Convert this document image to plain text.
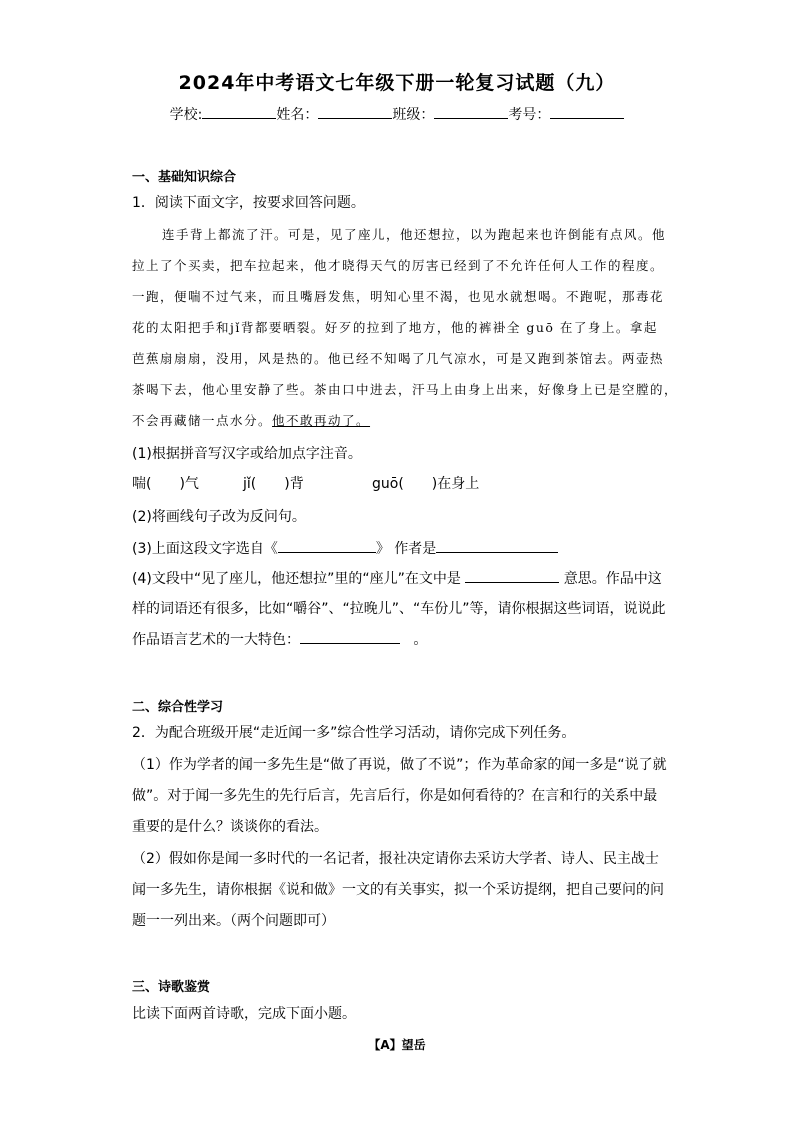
2024年中考语文七年级下册一轮复习试题（九）
学校:	姓名：	班级：	考号：
一、基础知识综合
1．阅读下面文字，按要求回答问题。
连手背上都流了汗。可是，见了座儿，他还想拉，以为跑起来也许倒能有点风。他
拉上了个买卖，把车拉起来，他才晓得天气的厉害已经到了不允许任何人工作的程度。
一跑，便喘不过气来，而且嘴唇发焦，明知心里不渴，也见水就想喝。不跑呢，那毒花
花的太阳把手和jǐ背都要晒裂。好歹的拉到了地方，他的裤褂全 guō 在了身上。拿起
芭蕉扇扇扇，没用，风是热的。他已经不知喝了几气凉水，可是又跑到茶馆去。两壶热
茶喝下去，他心里安静了些。茶由口中进去，汗马上由身上出来，好像身上已是空膛的，
不会再藏储一点水分。他不敢再动了。
(1)根据拼音写汉字或给加点字注音。
喘(　　)气	jǐ(　　)背	guō(　　)在身上
(2)将画线句子改为反问句。
(3)上面这段文字选自《	》 作者是
(4)文段中“见了座儿，他还想拉”里的“座儿”在文中是	意思。作品中这
样的词语还有很多，比如“嚼谷”、“拉晚儿”、“车份儿”等，请你根据这些词语，说说此
作品语言艺术的一大特色：	。
二、综合性学习
2．为配合班级开展“走近闻一多”综合性学习活动，请你完成下列任务。
（1）作为学者的闻一多先生是“做了再说，做了不说”；作为革命家的闻一多是“说了就
做”。对于闻一多先生的先行后言，先言后行，你是如何看待的？在言和行的关系中最
重要的是什么？谈谈你的看法。
（2）假如你是闻一多时代的一名记者，报社决定请你去采访大学者、诗人、民主战士
闻一多先生，请你根据《说和做》一文的有关事实，拟一个采访提纲，把自己要问的问
题一一列出来。（两个问题即可）
三、诗歌鉴赏
比读下面两首诗歌，完成下面小题。
【A】望岳
